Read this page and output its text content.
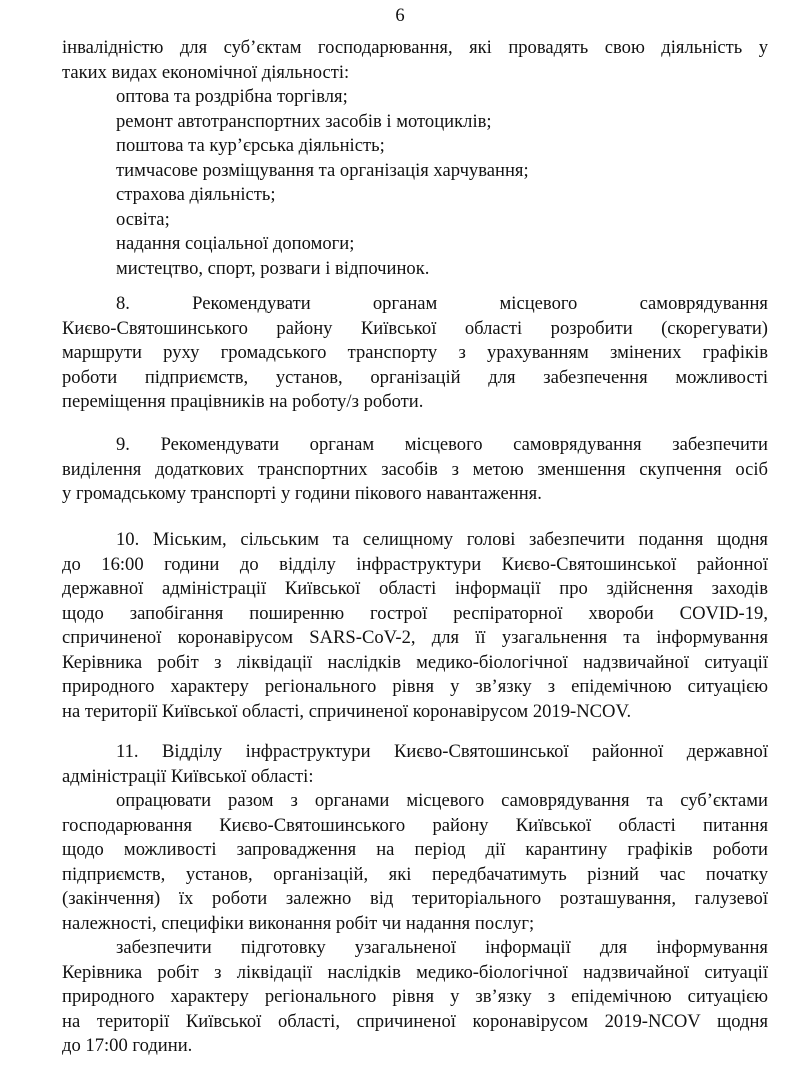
6
інвалідністю для суб’єктам господарювання, які провадять свою діяльність у
таких видах економічної діяльності:
оптова та роздрібна торгівля;
ремонт автотранспортних засобів і мотоциклів;
поштова та кур’єрська діяльність;
тимчасове розміщування та організація харчування;
страхова діяльність;
освіта;
надання соціальної допомоги;
мистецтво, спорт, розваги і відпочинок.
8. Рекомендувати органам місцевого самоврядування
Києво-Святошинського району Київської області розробити (скорегувати)
маршрути руху громадського транспорту з урахуванням змінених графіків
роботи підприємств, установ, організацій для забезпечення можливості
переміщення працівників на роботу/з роботи.
9. Рекомендувати органам місцевого самоврядування забезпечити
виділення додаткових транспортних засобів з метою зменшення скупчення осіб
у громадському транспорті у години пікового навантаження.
10. Міським, сільським та селищному голові забезпечити подання щодня
до 16:00 години до відділу інфраструктури Києво-Святошинської районної
державної адміністрації Київської області інформації про здійснення заходів
щодо запобігання поширенню гострої респіраторної хвороби COVID-19,
спричиненої коронавірусом SARS-CoV-2, для її узагальнення та інформування
Керівника робіт з ліквідації наслідків медико-біологічної надзвичайної ситуації
природного характеру регіонального рівня у зв’язку з епідемічною ситуацією
на території Київської області, спричиненої коронавірусом 2019-NCOV.
11. Відділу інфраструктури Києво-Святошинської районної державної
адміністрації Київської області:
опрацювати разом з органами місцевого самоврядування та суб’єктами
господарювання Києво-Святошинського району Київської області питання
щодо можливості запровадження на період дії карантину графіків роботи
підприємств, установ, організацій, які передбачатимуть різний час початку
(закінчення) їх роботи залежно від територіального розташування, галузевої
належності, специфіки виконання робіт чи надання послуг;
забезпечити підготовку узагальненої інформації для інформування
Керівника робіт з ліквідації наслідків медико-біологічної надзвичайної ситуації
природного характеру регіонального рівня у зв’язку з епідемічною ситуацією
на території Київської області, спричиненої коронавірусом 2019-NCOV щодня
до 17:00 години.
